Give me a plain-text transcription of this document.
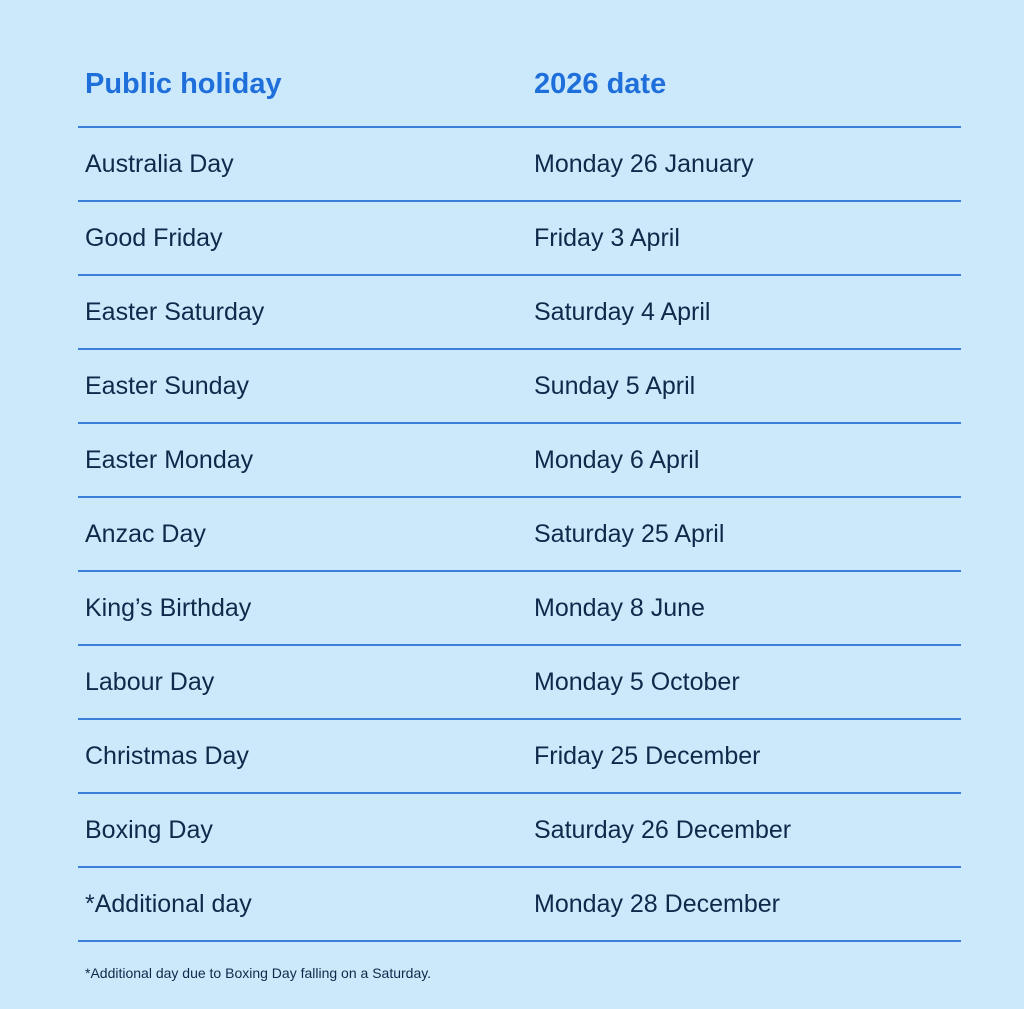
Public holiday	2026 date
Australia Day	Monday 26 January
Good Friday	Friday 3 April
Easter Saturday	Saturday 4 April
Easter Sunday	Sunday 5 April
Easter Monday	Monday 6 April
Anzac Day	Saturday 25 April
King’s Birthday	Monday 8 June
Labour Day	Monday 5 October
Christmas Day	Friday 25 December
Boxing Day	Saturday 26 December
*Additional day	Monday 28 December
*Additional day due to Boxing Day falling on a Saturday.
